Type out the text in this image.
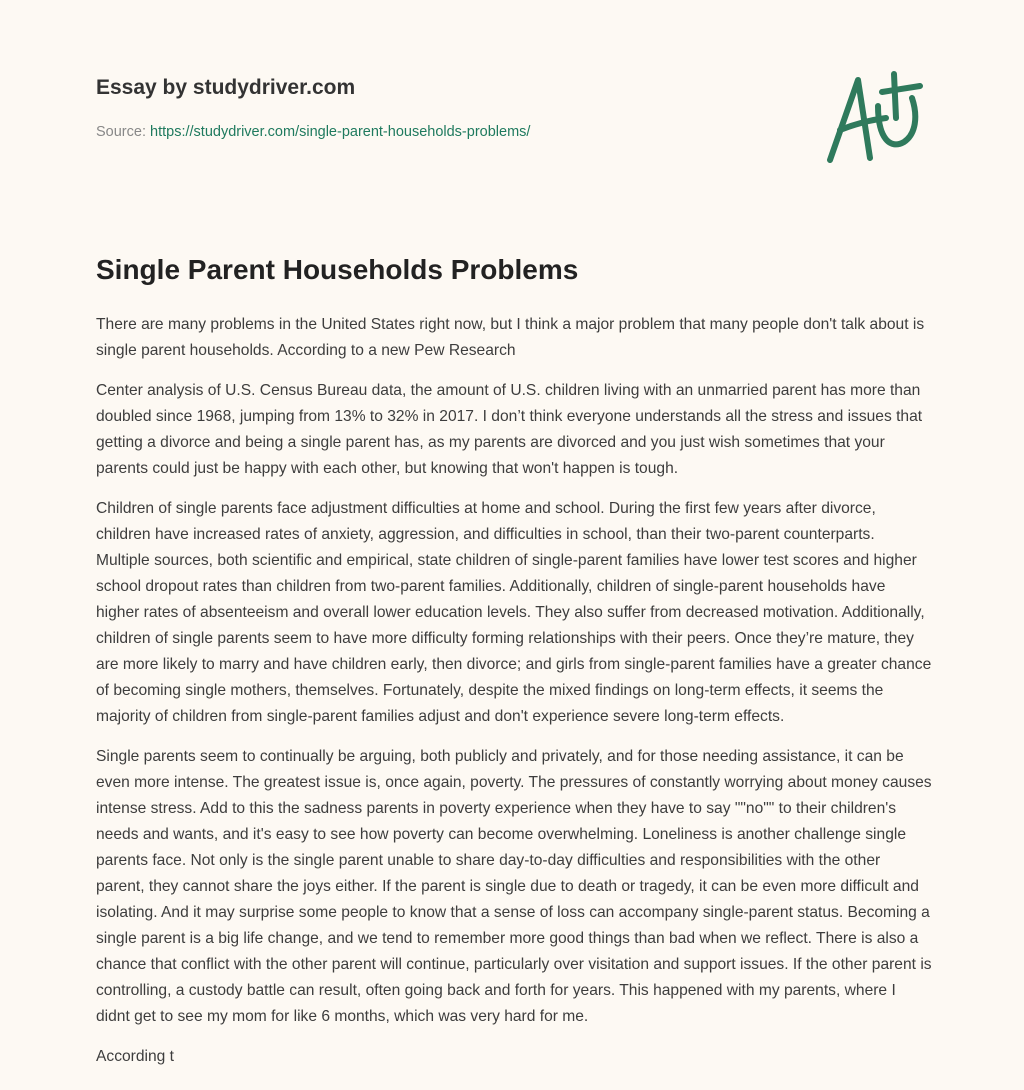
Essay by studydriver.com
Source: https://studydriver.com/single-parent-households-problems/
Single Parent Households Problems

There are many problems in the United States right now, but I think a major problem that many people don't talk about is single parent households. According to a new Pew Research

Center analysis of U.S. Census Bureau data, the amount of U.S. children living with an unmarried parent has more than doubled since 1968, jumping from 13% to 32% in 2017. I don’t think everyone understands all the stress and issues that getting a divorce and being a single parent has, as my parents are divorced and you just wish sometimes that your parents could just be happy with each other, but knowing that won't happen is tough.

Children of single parents face adjustment difficulties at home and school. During the first few years after divorce, children have increased rates of anxiety, aggression, and difficulties in school, than their two-parent counterparts. Multiple sources, both scientific and empirical, state children of single-parent families have lower test scores and higher school dropout rates than children from two-parent families. Additionally, children of single-parent households have higher rates of absenteeism and overall lower education levels. They also suffer from decreased motivation. Additionally, children of single parents seem to have more difficulty forming relationships with their peers. Once they’re mature, they are more likely to marry and have children early, then divorce; and girls from single-parent families have a greater chance of becoming single mothers, themselves. Fortunately, despite the mixed findings on long-term effects, it seems the majority of children from single-parent families adjust and don't experience severe long-term effects.

Single parents seem to continually be arguing, both publicly and privately, and for those needing assistance, it can be even more intense. The greatest issue is, once again, poverty. The pressures of constantly worrying about money causes intense stress. Add to this the sadness parents in poverty experience when they have to say ""no"" to their children's needs and wants, and it's easy to see how poverty can become overwhelming. Loneliness is another challenge single parents face. Not only is the single parent unable to share day-to-day difficulties and responsibilities with the other parent, they cannot share the joys either. If the parent is single due to death or tragedy, it can be even more difficult and isolating. And it may surprise some people to know that a sense of loss can accompany single-parent status. Becoming a single parent is a big life change, and we tend to remember more good things than bad when we reflect. There is also a chance that conflict with the other parent will continue, particularly over visitation and support issues. If the other parent is controlling, a custody battle can result, often going back and forth for years. This happened with my parents, where I didnt get to see my mom for like 6 months, which was very hard for me.

According t
